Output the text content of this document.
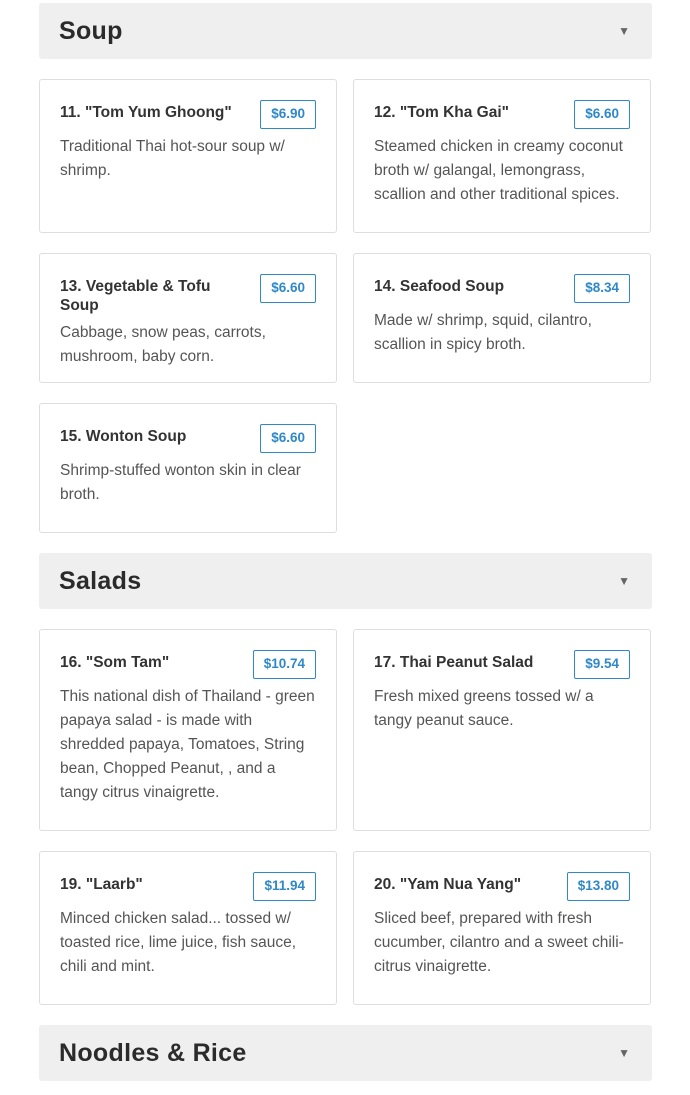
Soup	▼
11. "Tom Yum Ghoong"	$6.90
Traditional Thai hot-sour soup w/ shrimp.
12. "Tom Kha Gai"	$6.60
Steamed chicken in creamy coconut broth w/ galangal, lemongrass, scallion and other traditional spices.
13. Vegetable & Tofu Soup
$6.60
Cabbage, snow peas, carrots, mushroom, baby corn.
14. Seafood Soup	$8.34
Made w/ shrimp, squid, cilantro, scallion in spicy broth.
15. Wonton Soup	$6.60
Shrimp-stuffed wonton skin in clear broth.
Salads	▼
16. "Som Tam"	$10.74
This national dish of Thailand - green papaya salad - is made with shredded papaya, Tomatoes, String bean, Chopped Peanut, , and a tangy citrus vinaigrette.
17. Thai Peanut Salad	$9.54
Fresh mixed greens tossed w/ a tangy peanut sauce.
19. "Laarb"	$11.94
Minced chicken salad... tossed w/ toasted rice, lime juice, fish sauce, chili and mint.
20. "Yam Nua Yang"	$13.80
Sliced beef, prepared with fresh cucumber, cilantro and a sweet chili-citrus vinaigrette.
Noodles & Rice	▼
